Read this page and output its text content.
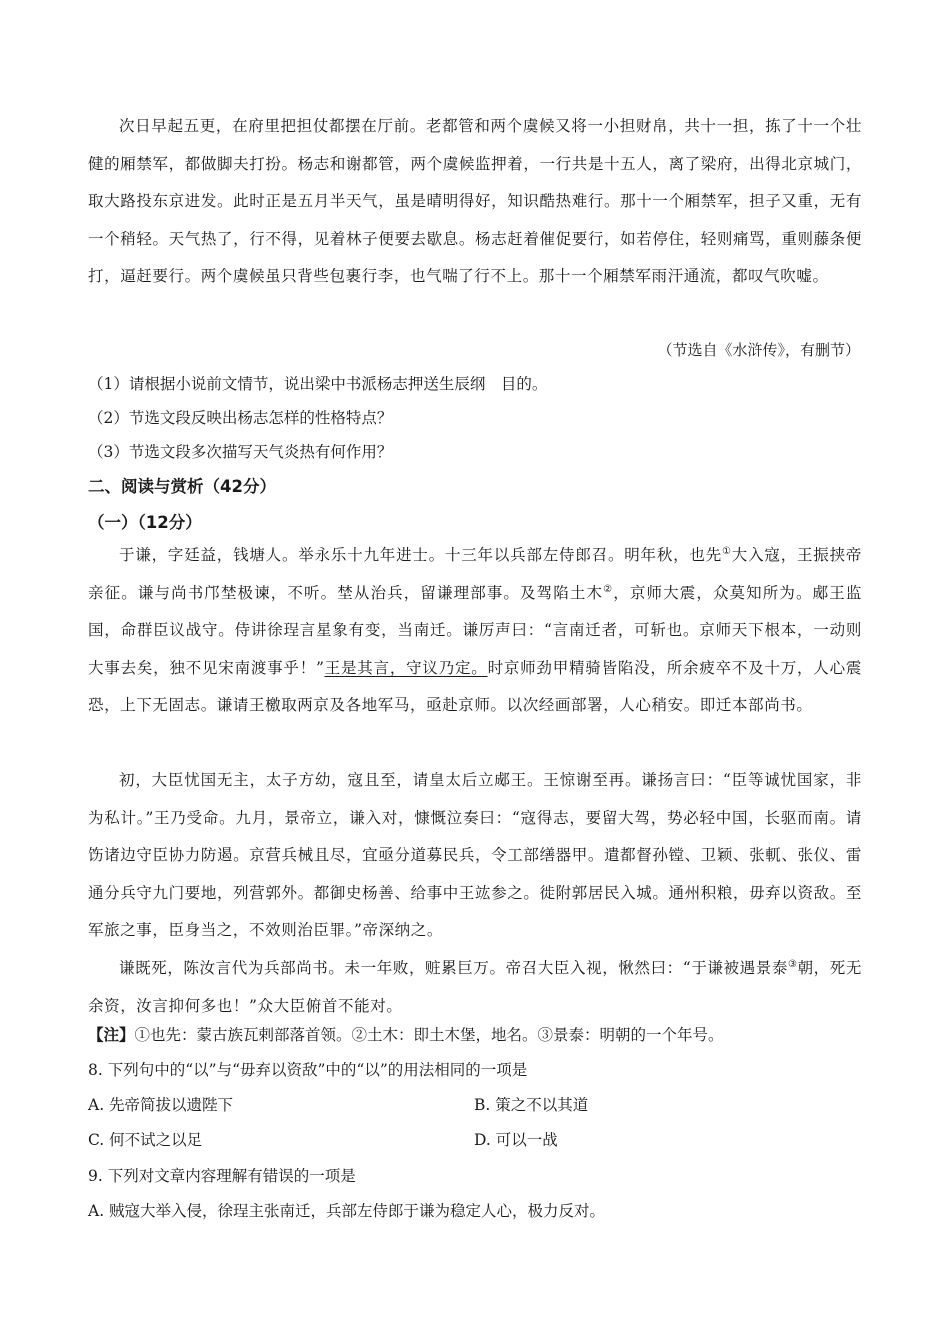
次日早起五更，在府里把担仗都摆在厅前。老都管和两个虞候又将一小担财帛，共十一担，拣了十一个壮健的厢禁军，都做脚夫打扮。杨志和谢都管，两个虞候监押着，一行共是十五人，离了梁府，出得北京城门，取大路投东京进发。此时正是五月半天气，虽是晴明得好，知识酷热难行。那十一个厢禁军，担子又重，无有一个稍轻。天气热了，行不得，见着林子便要去歇息。杨志赶着催促要行，如若停住，轻则痛骂，重则藤条便打，逼赶要行。两个虞候虽只背些包裹行李，也气喘了行不上。那十一个厢禁军雨汗通流，都叹气吹嘘。

（节选自《水浒传》，有删节）

（1）请根据小说前文情节，说出梁中书派杨志押送生辰纲　目的。

（2）节选文段反映出杨志怎样的性格特点？

（3）节选文段多次描写天气炎热有何作用？

二、阅读与赏析（42分）

（一）（12分）

于谦，字廷益，钱塘人。举永乐十九年进士。十三年以兵部左侍郎召。明年秋，也先①大入寇，王振挟帝亲征。谦与尚书邝埜极谏，不听。埜从治兵，留谦理部事。及驾陷土木②，京师大震，众莫知所为。郕王监国，命群臣议战守。侍讲徐珵言星象有变，当南迁。谦厉声曰：“言南迁者，可斩也。京师天下根本，一动则大事去矣，独不见宋南渡事乎！”王是其言，守议乃定。时京师劲甲精骑皆陷没，所余疲卒不及十万，人心震恐，上下无固志。谦请王檄取两京及各地军马，亟赴京师。以次经画部署，人心稍安。即迁本部尚书。

初，大臣忧国无主，太子方幼，寇且至，请皇太后立郕王。王惊谢至再。谦扬言曰：“臣等诚忧国家，非为私计。”王乃受命。九月，景帝立，谦入对，慷慨泣奏曰：“寇得志，要留大驾，势必轻中国，长驱而南。请饬诸边守臣协力防遏。京营兵械且尽，宜亟分道募民兵，令工部缮器甲。遣都督孙镗、卫颖、张軏、张仪、雷通分兵守九门要地，列营郭外。都御史杨善、给事中王竑参之。徙附郭居民入城。通州积粮，毋弃以资敌。至军旅之事，臣身当之，不效则治臣罪。”帝深纳之。

谦既死，陈汝言代为兵部尚书。未一年败，赃累巨万。帝召大臣入视，愀然曰：“于谦被遇景泰③朝，死无余资，汝言抑何多也！”众大臣俯首不能对。

【注】①也先：蒙古族瓦剌部落首领。②土木：即土木堡，地名。③景泰：明朝的一个年号。

8. 下列句中的“以”与“毋弃以资敌”中的“以”的用法相同的一项是

A. 先帝简拔以遗陛下	B. 策之不以其道

C. 何不试之以足	D. 可以一战

9. 下列对文章内容理解有错误的一项是

A. 贼寇大举入侵，徐珵主张南迁，兵部左侍郎于谦为稳定人心，极力反对。
